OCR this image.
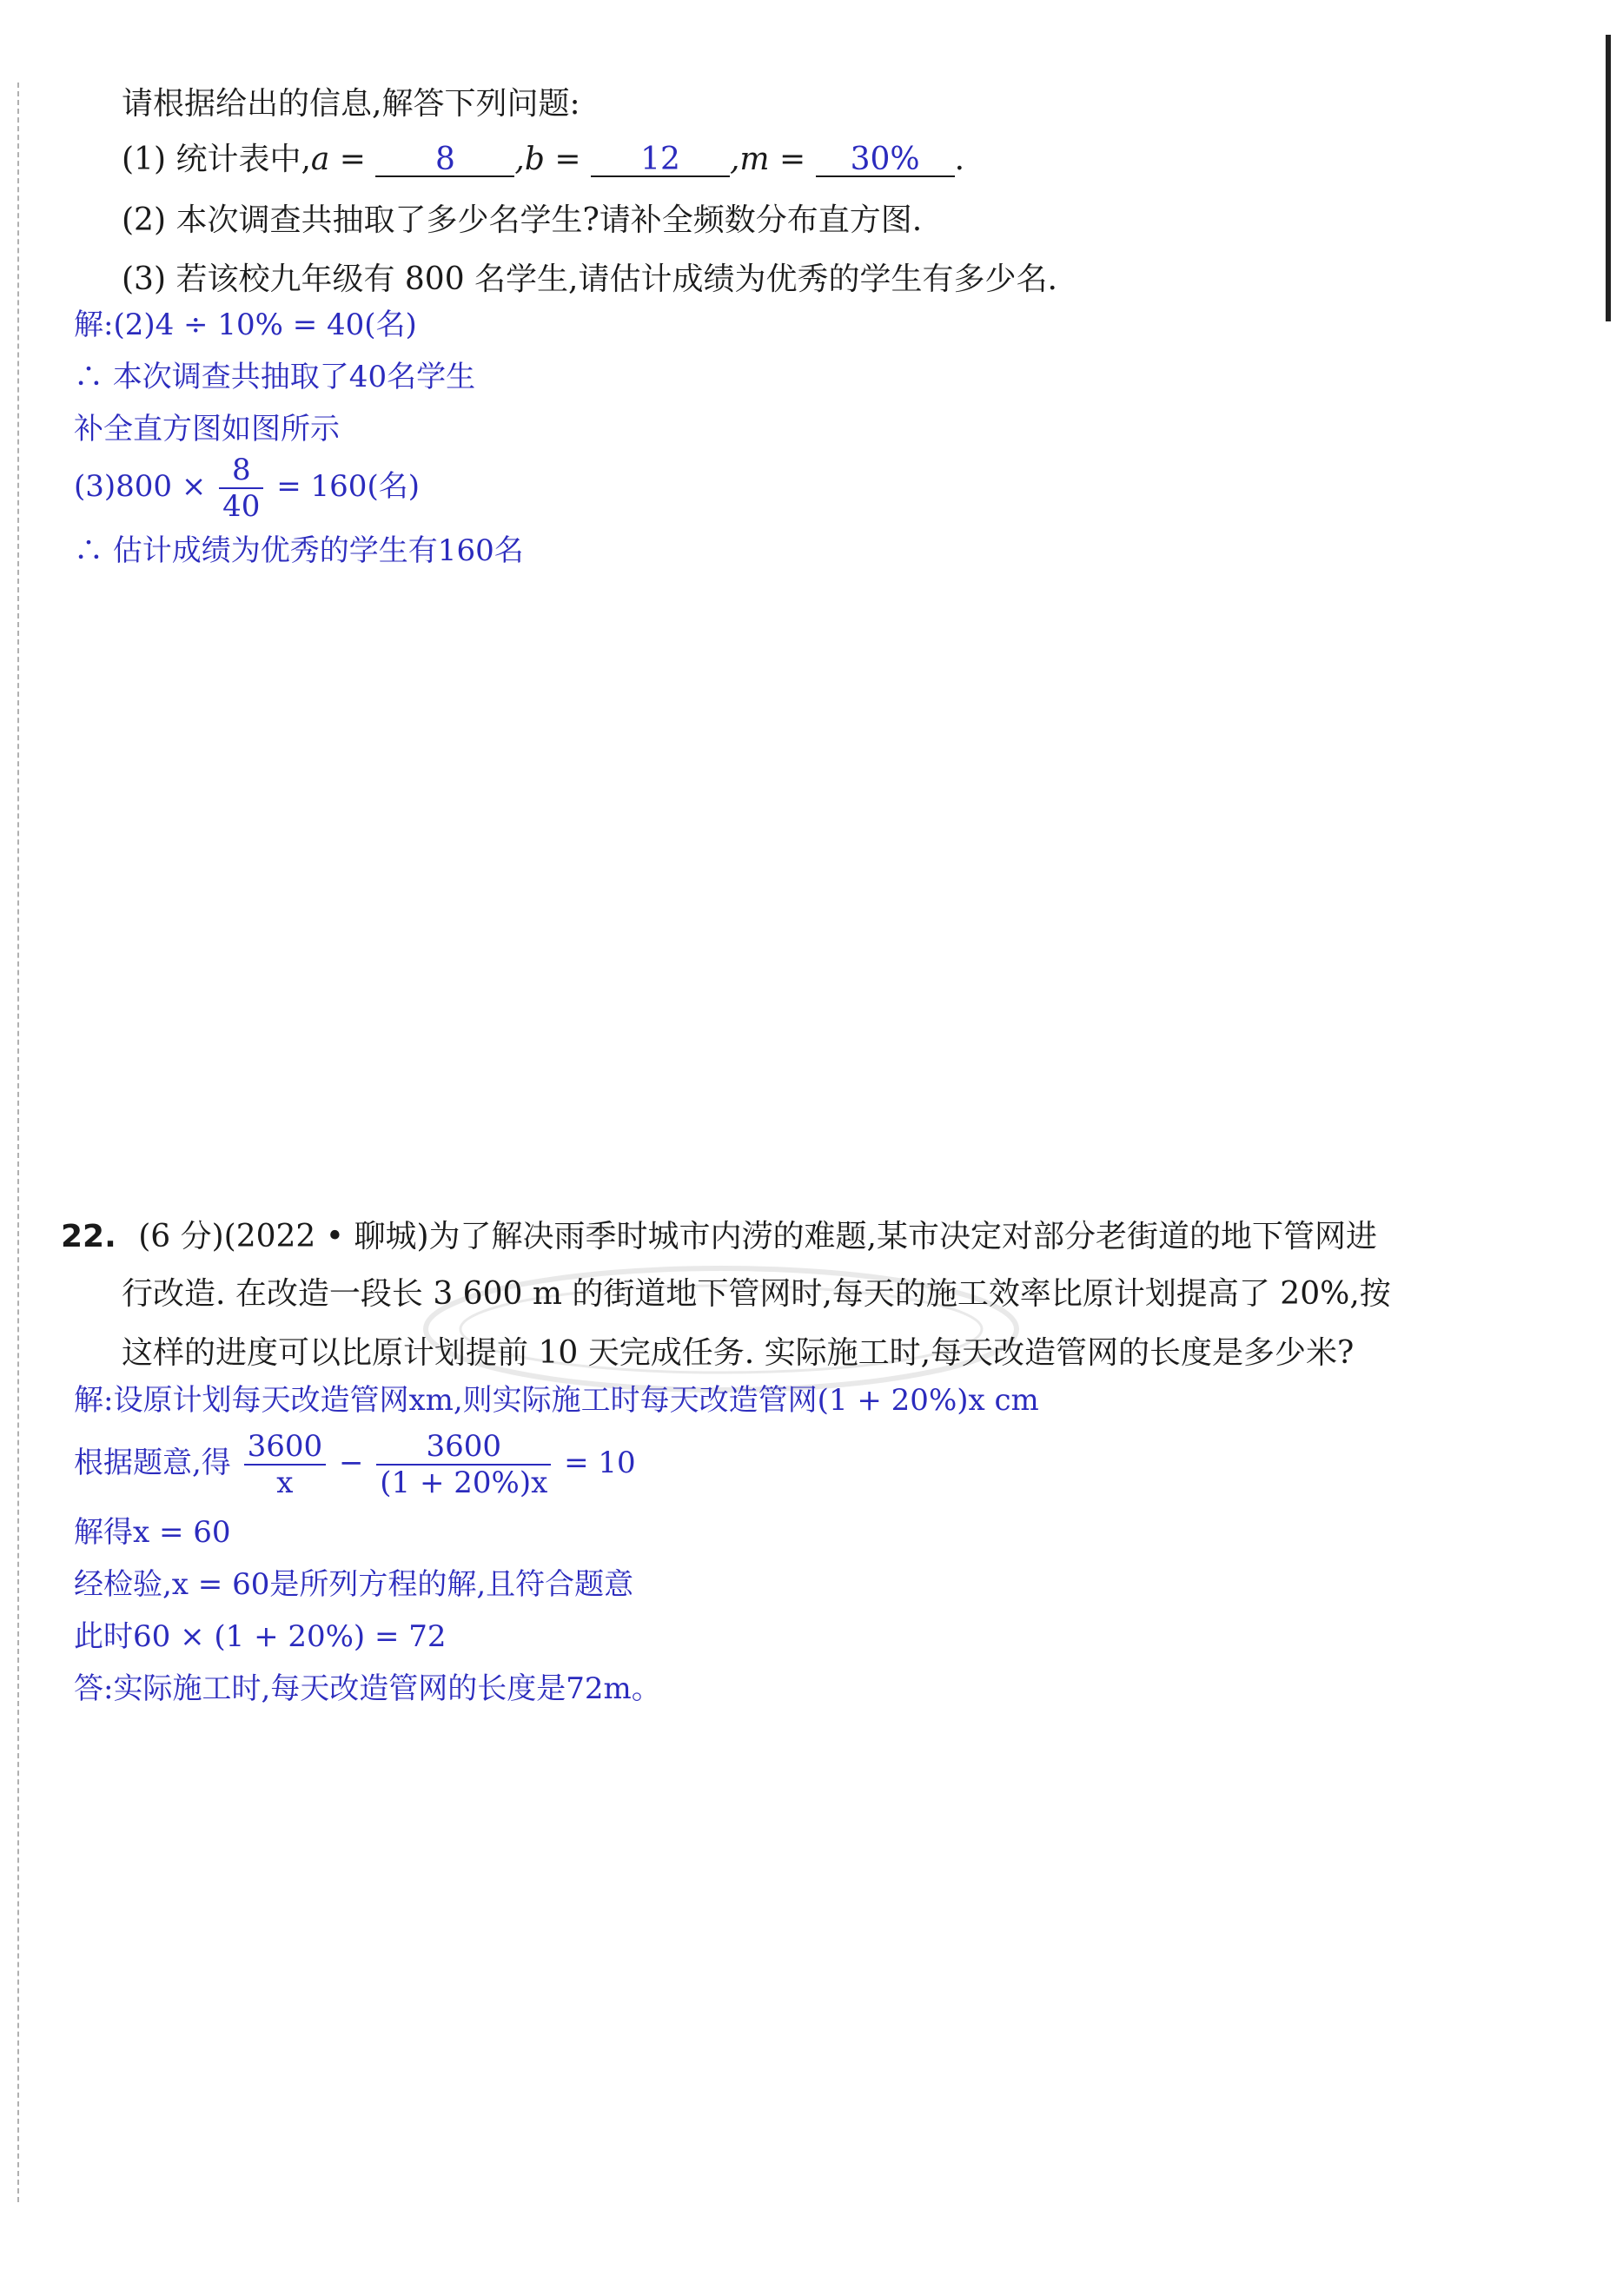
请根据给出的信息,解答下列问题:
(1) 统计表中,a = 8 ,b = 12 ,m = 30% .
(2) 本次调查共抽取了多少名学生?请补全频数分布直方图.
(3) 若该校九年级有 800 名学生,请估计成绩为优秀的学生有多少名.
解:(2)4 ÷ 10% = 40(名)
∴ 本次调查共抽取了40名学生
补全直方图如图所示
$(3)800 \times \frac{8}{40} = 160$(名)
∴ 估计成绩为优秀的学生有160名
22. (6 分)(2022 • 聊城)为了解决雨季时城市内涝的难题,某市决定对部分老街道的地下管网进
行改造. 在改造一段长 3 600 m 的街道地下管网时,每天的施工效率比原计划提高了 20%,按
这样的进度可以比原计划提前 10 天完成任务. 实际施工时,每天改造管网的长度是多少米?
解:设原计划每天改造管网xm,则实际施工时每天改造管网(1 + 20%)x cm
根据题意,得 $\frac{3600}{x} - \frac{3600}{(1 + 20\%)x} = 10$
解得x = 60
经检验,x = 60是所列方程的解,且符合题意
此时60 × (1 + 20%) = 72
答:实际施工时,每天改造管网的长度是72m。
